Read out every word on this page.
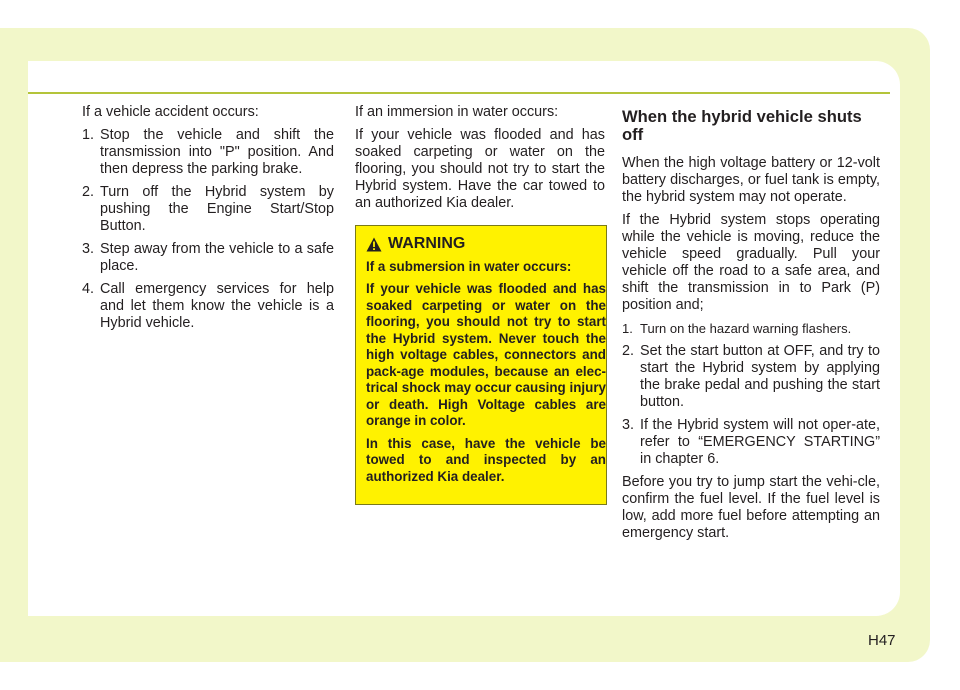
If a vehicle accident occurs:

1. Stop the vehicle and shift the transmission into "P" position. And then depress the parking brake.
2. Turn off the Hybrid system by pushing the Engine Start/Stop Button.
3. Step away from the vehicle to a safe place.
4. Call emergency services for help and let them know the vehicle is a Hybrid vehicle.

If an immersion in water occurs:

If your vehicle was flooded and has soaked carpeting or water on the flooring, you should not try to start the Hybrid system. Have the car towed to an authorized Kia dealer.

WARNING

If a submersion in water occurs:

If your vehicle was flooded and has soaked carpeting or water on the flooring, you should not try to start the Hybrid system. Never touch the high voltage cables, connectors and pack-age modules, because an elec-trical shock may occur causing injury or death. High Voltage cables are orange in color.

In this case, have the vehicle be towed to and inspected by an authorized Kia dealer.

When the hybrid vehicle shuts off

When the high voltage battery or 12-volt battery discharges, or fuel tank is empty, the hybrid system may not operate.

If the Hybrid system stops operating while the vehicle is moving, reduce the vehicle speed gradually. Pull your vehicle off the road to a safe area, and shift the transmission in to Park (P) position and;

1. Turn on the hazard warning flashers.
2. Set the start button at OFF, and try to start the Hybrid system by applying the brake pedal and pushing the start button.
3. If the Hybrid system will not oper-ate, refer to “EMERGENCY STARTING” in chapter 6.

Before you try to jump start the vehi-cle, confirm the fuel level. If the fuel level is low, add more fuel before attempting an emergency start.

H47
